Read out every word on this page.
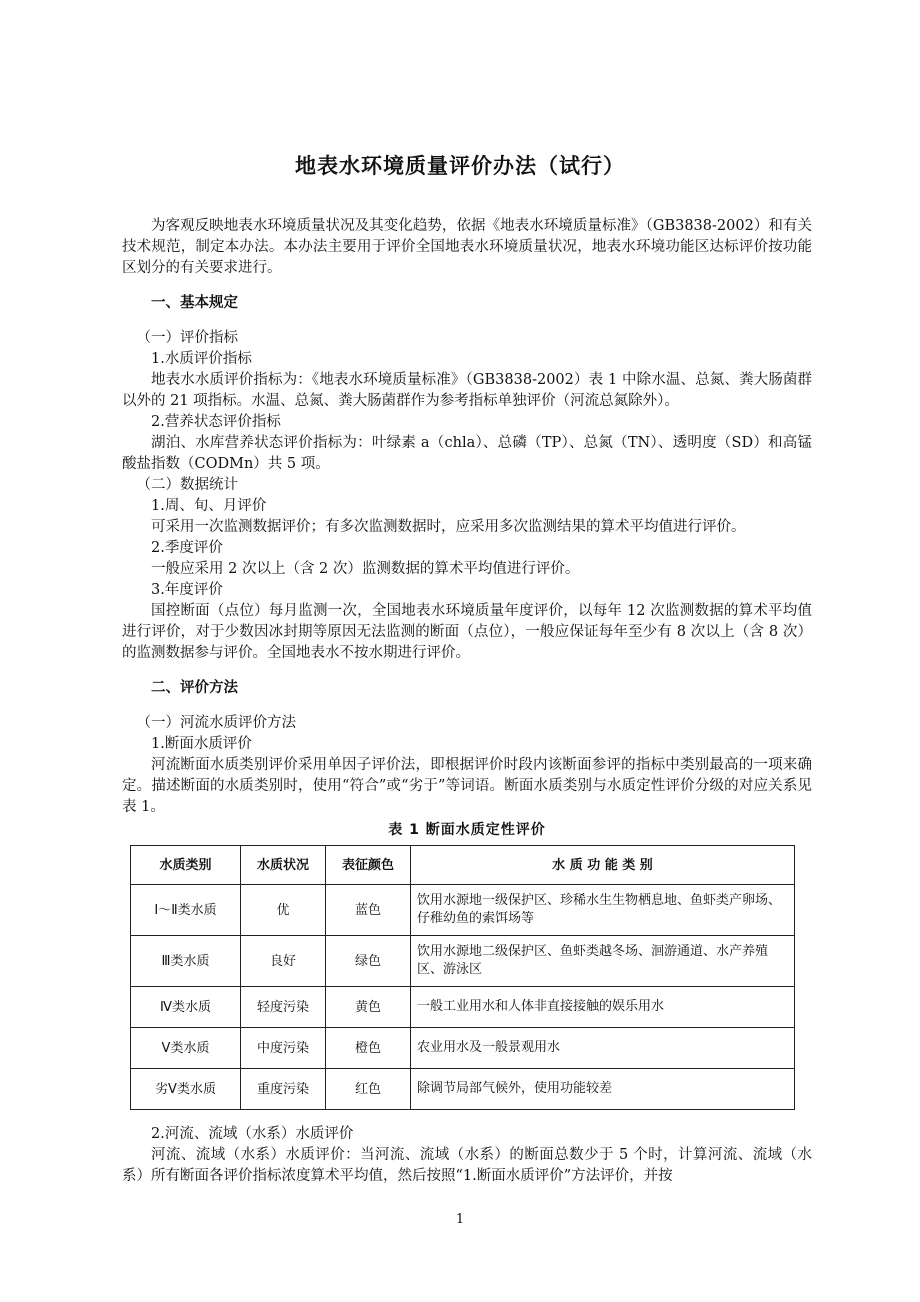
地表水环境质量评价办法（试行）

为客观反映地表水环境质量状况及其变化趋势，依据《地表水环境质量标准》（GB3838-2002）和有关技术规范，制定本办法。本办法主要用于评价全国地表水环境质量状况，地表水环境功能区达标评价按功能区划分的有关要求进行。

一、基本规定

（一）评价指标

1.水质评价指标

地表水水质评价指标为：《地表水环境质量标准》（GB3838-2002）表 1 中除水温、总氮、粪大肠菌群以外的 21 项指标。水温、总氮、粪大肠菌群作为参考指标单独评价（河流总氮除外）。

2.营养状态评价指标

湖泊、水库营养状态评价指标为：叶绿素 a（chla）、总磷（TP）、总氮（TN）、透明度（SD）和高锰酸盐指数（CODMn）共 5 项。

（二）数据统计

1.周、旬、月评价

可采用一次监测数据评价；有多次监测数据时，应采用多次监测结果的算术平均值进行评价。

2.季度评价

一般应采用 2 次以上（含 2 次）监测数据的算术平均值进行评价。

3.年度评价

国控断面（点位）每月监测一次，全国地表水环境质量年度评价，以每年 12 次监测数据的算术平均值进行评价，对于少数因冰封期等原因无法监测的断面（点位），一般应保证每年至少有 8 次以上（含 8 次）的监测数据参与评价。全国地表水不按水期进行评价。

二、评价方法

（一）河流水质评价方法

1.断面水质评价

河流断面水质类别评价采用单因子评价法，即根据评价时段内该断面参评的指标中类别最高的一项来确定。描述断面的水质类别时，使用“符合”或“劣于”等词语。断面水质类别与水质定性评价分级的对应关系见表 1。

表 1 断面水质定性评价

水质类别	水质状况	表征颜色	水 质 功 能 类 别
Ⅰ～Ⅱ类水质	优	蓝色	饮用水源地一级保护区、珍稀水生生物栖息地、鱼虾类产卵场、仔稚幼鱼的索饵场等
Ⅲ类水质	良好	绿色	饮用水源地二级保护区、鱼虾类越冬场、洄游通道、水产养殖区、游泳区
Ⅳ类水质	轻度污染	黄色	一般工业用水和人体非直接接触的娱乐用水
Ⅴ类水质	中度污染	橙色	农业用水及一般景观用水
劣Ⅴ类水质	重度污染	红色	除调节局部气候外，使用功能较差

2.河流、流域（水系）水质评价

河流、流域（水系）水质评价：当河流、流域（水系）的断面总数少于 5 个时，计算河流、流域（水系）所有断面各评价指标浓度算术平均值，然后按照“1.断面水质评价”方法评价，并按

1
